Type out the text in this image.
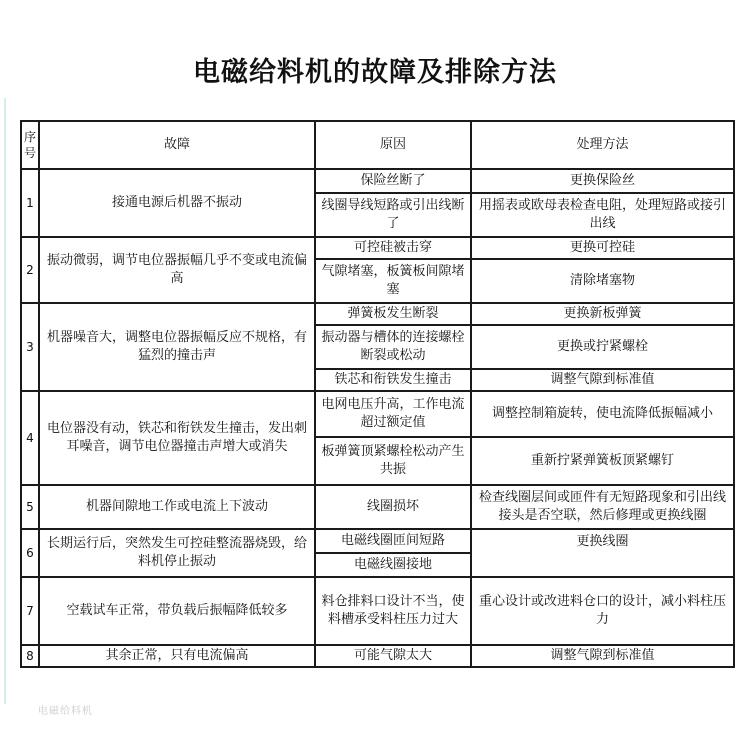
电磁给料机的故障及排除方法
序号	故障	原因	处理方法
1	接通电源后机器不振动	保险丝断了	更换保险丝
		线圈导线短路或引出线断了	用摇表或欧母表检查电阻，处理短路或接引出线
2	振动微弱，调节电位器振幅几乎不变或电流偏高	可控硅被击穿	更换可控硅
		气隙堵塞，板簧板间隙堵塞	清除堵塞物
3	机器噪音大，调整电位器振幅反应不规格，有猛烈的撞击声	弹簧板发生断裂	更换新板弹簧
		振动器与槽体的连接螺栓断裂或松动	更换或拧紧螺栓
		铁芯和衔铁发生撞击	调整气隙到标准值
4	电位器没有动，铁芯和衔铁发生撞击，发出刺耳噪音，调节电位器撞击声增大或消失	电网电压升高，工作电流超过额定值	调整控制箱旋转，使电流降低振幅减小
		板弹簧顶紧螺栓松动产生共振	重新拧紧弹簧板顶紧螺钉
5	机器间隙地工作或电流上下波动	线圈损坏	检查线圈层间或匝件有无短路现象和引出线接头是否空联，然后修理或更换线圈
6	长期运行后，突然发生可控硅整流器烧毁，给料机停止振动	电磁线圈匝间短路	更换线圈
		电磁线圈接地	
7	空载试车正常，带负载后振幅降低较多	料仓排料口设计不当，使料槽承受料柱压力过大	重心设计或改进料仓口的设计，减小料柱压力
8	其余正常，只有电流偏高	可能气隙太大	调整气隙到标准值
电磁给料机
